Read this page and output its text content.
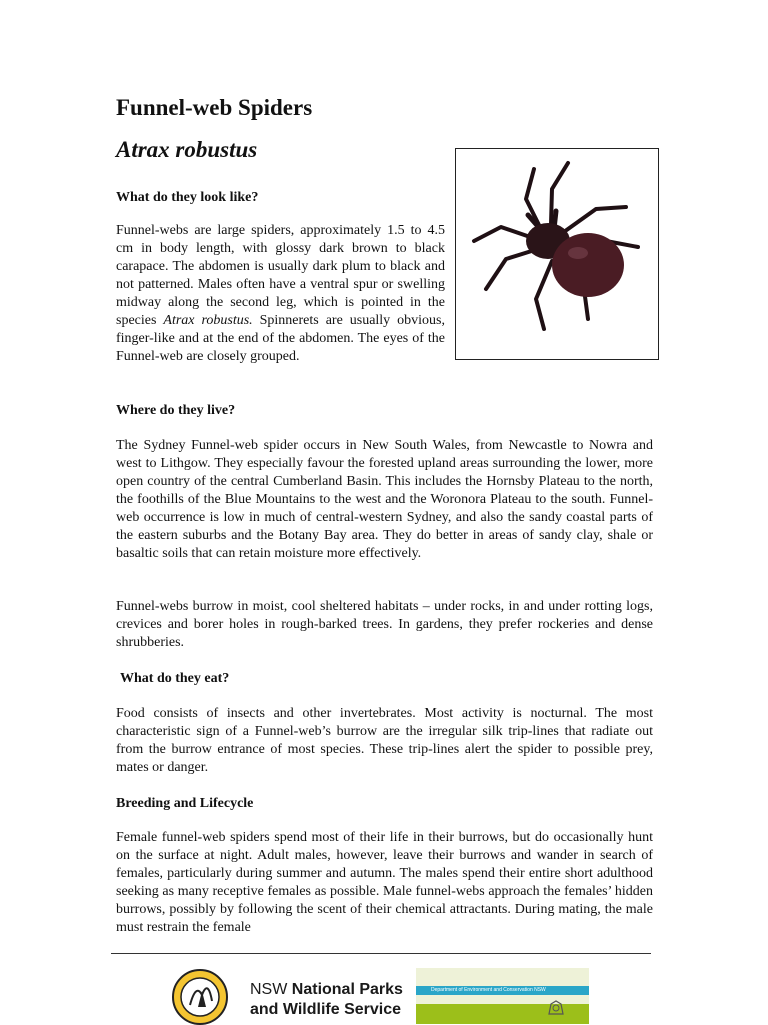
Funnel-web Spiders
Atrax robustus
What do they look like?

Funnel-webs are large spiders, approximately 1.5 to 4.5 cm in body length, with glossy dark brown to black carapace. The abdomen is usually dark plum to black and not patterned. Males often have a ventral spur or swelling midway along the second leg, which is pointed in the species Atrax robustus. Spinnerets are usually obvious, finger-like and at the end of the abdomen. The eyes of the Funnel-web are closely grouped.

Where do they live?

The Sydney Funnel-web spider occurs in New South Wales, from Newcastle to Nowra and west to Lithgow. They especially favour the forested upland areas surrounding the lower, more open country of the central Cumberland Basin. This includes the Hornsby Plateau to the north, the foothills of the Blue Mountains to the west and the Woronora Plateau to the south. Funnel-web occurrence is low in much of central-western Sydney, and also the sandy coastal parts of the eastern suburbs and the Botany Bay area. They do better in areas of sandy clay, shale or basaltic soils that can retain moisture more effectively.

Funnel-webs burrow in moist, cool sheltered habitats – under rocks, in and under rotting logs, crevices and borer holes in rough-barked trees. In gardens, they prefer rockeries and dense shrubberies.

What do they eat?

Food consists of insects and other invertebrates. Most activity is nocturnal. The most characteristic sign of a Funnel-web’s burrow are the irregular silk trip-lines that radiate out from the burrow entrance of most species. These trip-lines alert the spider to possible prey, mates or danger.

Breeding and Lifecycle

Female funnel-web spiders spend most of their life in their burrows, but do occasionally hunt on the surface at night. Adult males, however, leave their burrows and wander in search of females, particularly during summer and autumn. The males spend their entire short adulthood seeking as many receptive females as possible. Male funnel-webs approach the females’ hidden burrows, possibly by following the scent of their chemical attractants. During mating, the male must restrain the female

NSW National Parks
and Wildlife Service
Department of Environment and Conservation NSW
